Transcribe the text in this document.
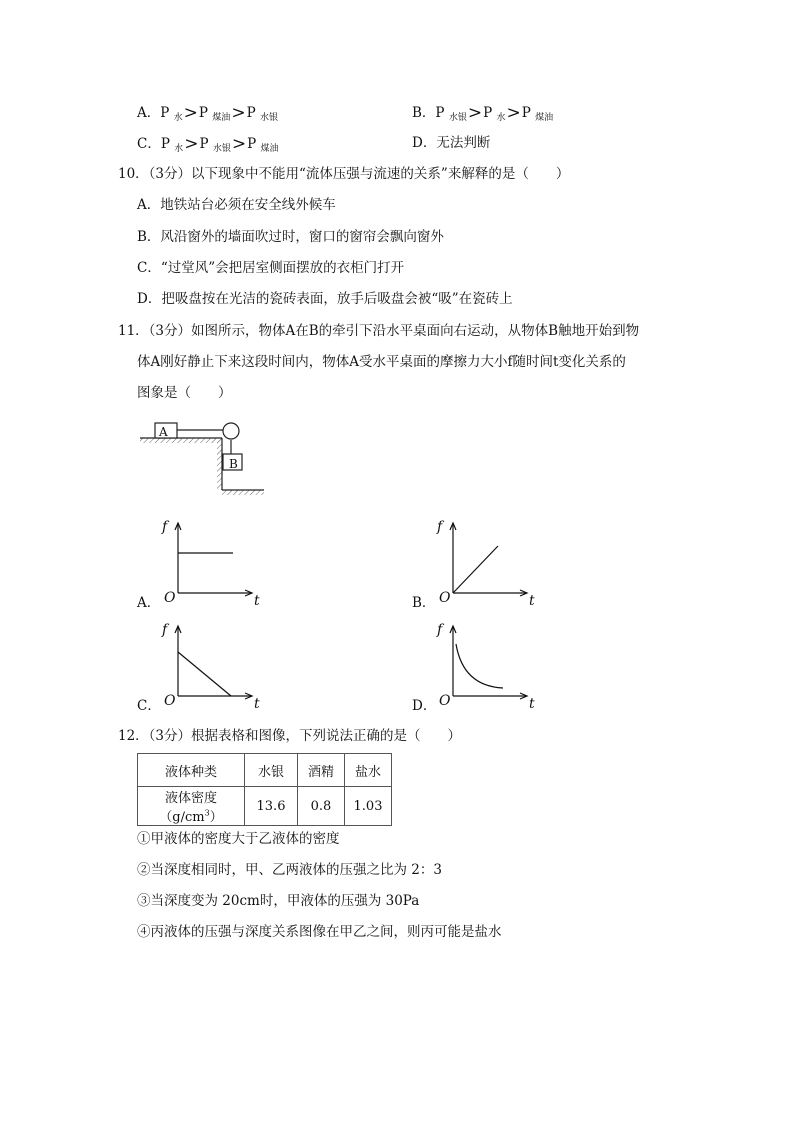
A．P $_水$>P $_{煤油}$>P $_{水银}$	B．P $_{水银}$>P $_水$>P $_{煤油}$
C．P $_水$>P $_{水银}$>P $_{煤油}$	D．无法判断
10．（3分）以下现象中不能用“流体压强与流速的关系”来解释的是（　　）
A．地铁站台必须在安全线外候车
B．风沿窗外的墙面吹过时，窗口的窗帘会飘向窗外
C．“过堂风”会把居室侧面摆放的衣柜门打开
D．把吸盘按在光洁的瓷砖表面，放手后吸盘会被“吸”在瓷砖上
11．（3分）如图所示，物体A在B的牵引下沿水平桌面向右运动，从物体B触地开始到物
体A刚好静止下来这段时间内，物体A受水平桌面的摩擦力大小f随时间t变化关系的
图象是（　　）
A
B
A．	B．
C．	D．
f
t
O
f
t
O
f
t
O
f
t
O
12．（3分）根据表格和图像，下列说法正确的是（　　）
液体种类	水银	酒精	盐水
液体密度$(g/cm^3)$	13.6	0.8	1.03
①甲液体的密度大于乙液体的密度
②当深度相同时，甲、乙两液体的压强之比为 2：3
③当深度变为 20cm时，甲液体的压强为 30Pa
④丙液体的压强与深度关系图像在甲乙之间，则丙可能是盐水
